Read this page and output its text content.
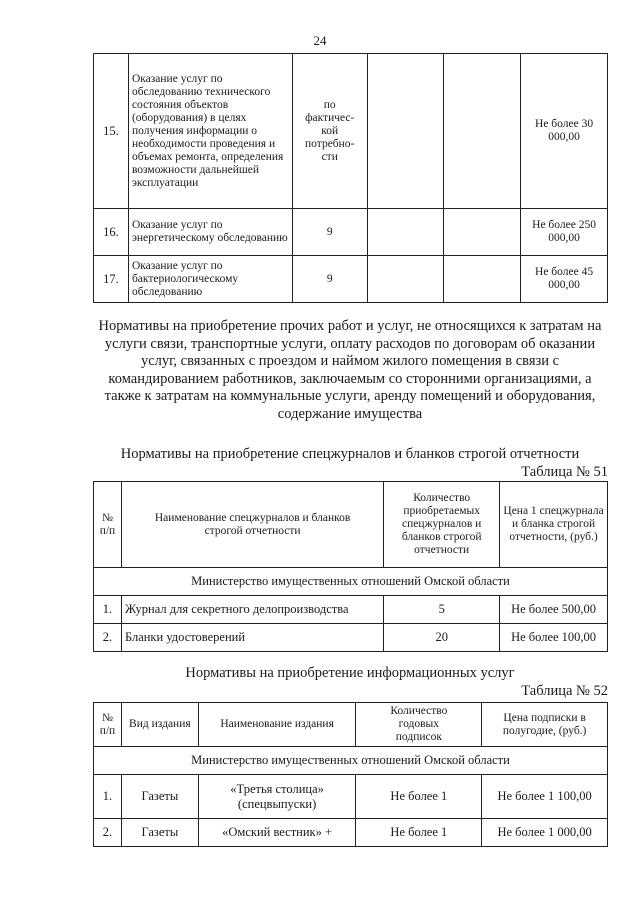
24
15.	Оказание услуг по обследованию технического состояния объектов (оборудования) в целях получения информации о необходимости проведения и объемах ремонта, определения возможности дальнейшей эксплуатации	по фактичес-кой потребно-сти			Не более 30 000,00
16.	Оказание услуг по энергетическому обследованию	9			Не более 250 000,00
17.	Оказание услуг по бактериологическому обследованию	9			Не более 45 000,00
Нормативы на приобретение прочих работ и услуг, не относящихся к затратам на услуги связи, транспортные услуги, оплату расходов по договорам об оказании услуг, связанных с проездом и наймом жилого помещения в связи с командированием работников, заключаемым со сторонними организациями, а также к затратам на коммунальные услуги, аренду помещений и оборудования, содержание имущества
Нормативы на приобретение спецжурналов и бланков строгой отчетности
Таблица № 51
№ п/п	Наименование спецжурналов и бланков строгой отчетности	Количество приобретаемых спецжурналов и бланков строгой отчетности	Цена 1 спецжурнала и бланка строгой отчетности, (руб.)
Министерство имущественных отношений Омской области			
1.	Журнал для секретного делопроизводства	5	Не более 500,00
2.	Бланки удостоверений	20	Не более 100,00
Нормативы на приобретение информационных услуг
Таблица № 52
№ п/п	Вид издания	Наименование издания	Количество годовых подписок	Цена подписки в полугодие, (руб.)
Министерство имущественных отношений Омской области				
1.	Газеты	«Третья столица» (спецвыпуски)	Не более 1	Не более 1 100,00
2.	Газеты	«Омский вестник» +	Не более 1	Не более 1 000,00
